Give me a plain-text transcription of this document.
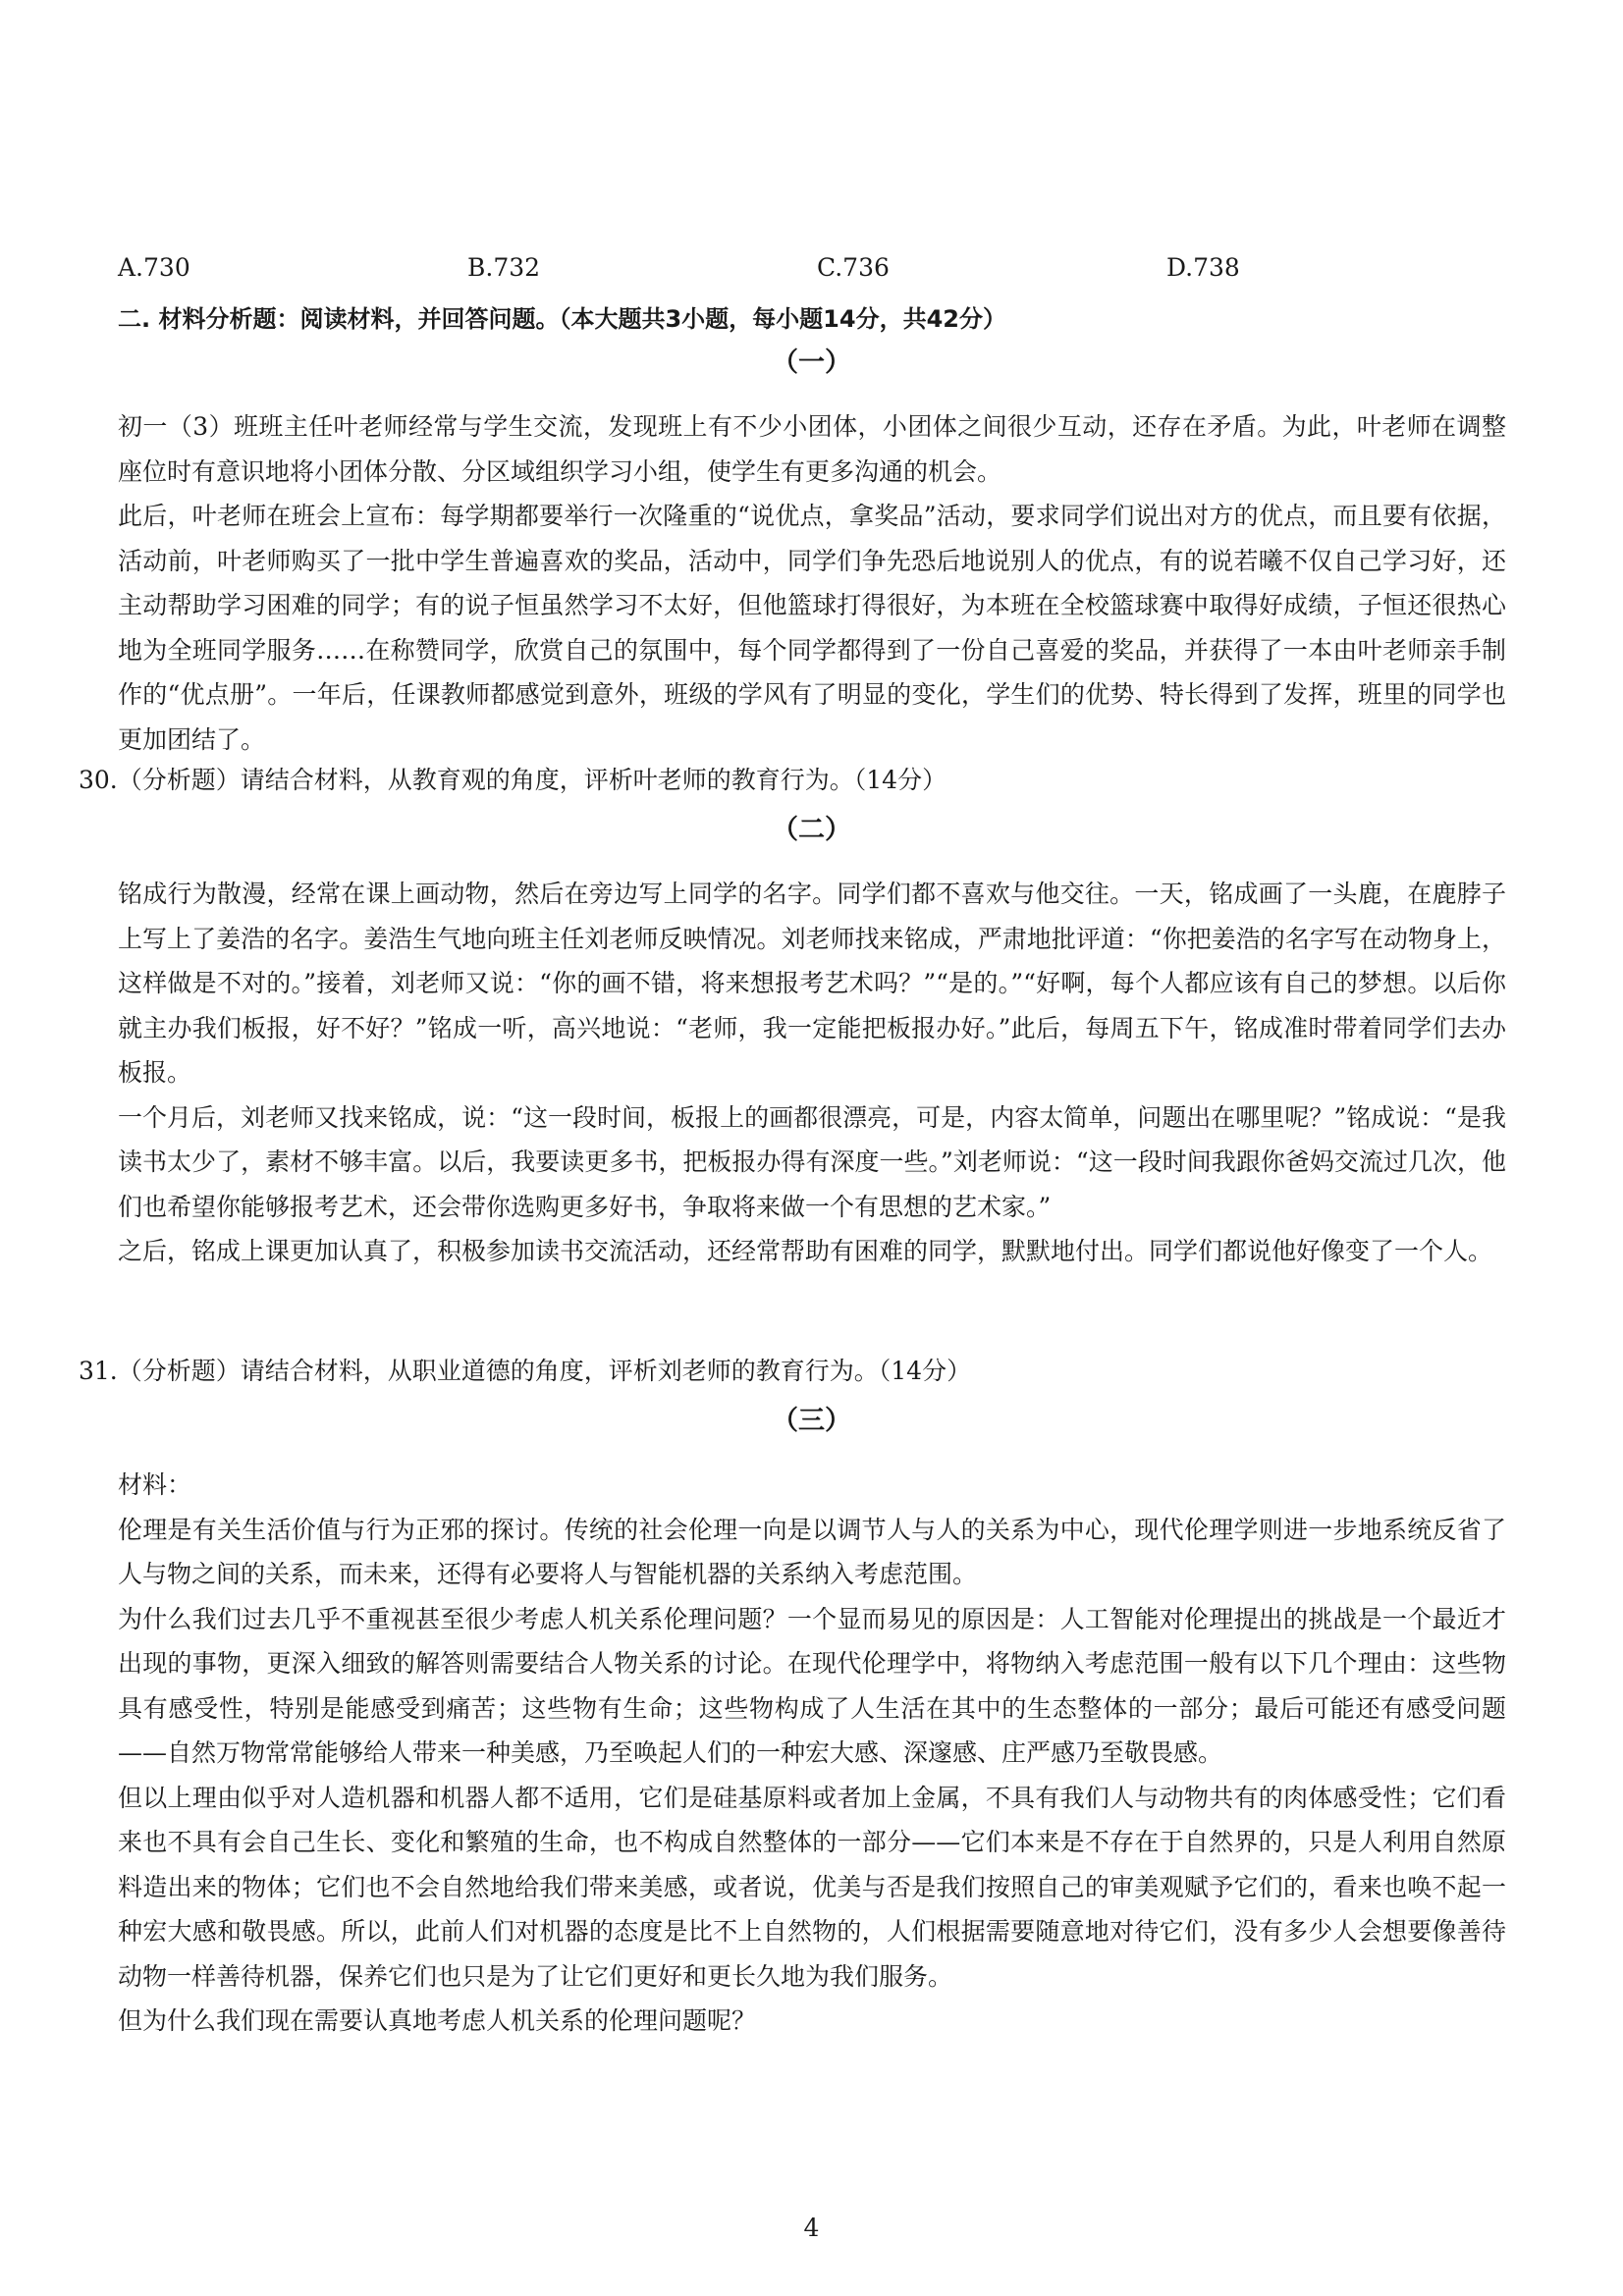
A.730	B.732	C.736	D.738
二. 材料分析题：阅读材料，并回答问题。（本大题共3小题，每小题14分，共42分）
（一）

初一（3）班班主任叶老师经常与学生交流，发现班上有不少小团体，小团体之间很少互动，还存在矛盾。为此，叶老师在调整座位时有意识地将小团体分散、分区域组织学习小组，使学生有更多沟通的机会。

此后，叶老师在班会上宣布：每学期都要举行一次隆重的“说优点，拿奖品”活动，要求同学们说出对方的优点，而且要有依据，活动前，叶老师购买了一批中学生普遍喜欢的奖品，活动中，同学们争先恐后地说别人的优点，有的说若曦不仅自己学习好，还主动帮助学习困难的同学；有的说子恒虽然学习不太好，但他篮球打得很好，为本班在全校篮球赛中取得好成绩，子恒还很热心地为全班同学服务……在称赞同学，欣赏自己的氛围中，每个同学都得到了一份自己喜爱的奖品，并获得了一本由叶老师亲手制作的“优点册”。一年后，任课教师都感觉到意外，班级的学风有了明显的变化，学生们的优势、特长得到了发挥，班里的同学也更加团结了。

30.（分析题）请结合材料，从教育观的角度，评析叶老师的教育行为。（14分）
（二）

铭成行为散漫，经常在课上画动物，然后在旁边写上同学的名字。同学们都不喜欢与他交往。一天，铭成画了一头鹿，在鹿脖子上写上了姜浩的名字。姜浩生气地向班主任刘老师反映情况。刘老师找来铭成，严肃地批评道：“你把姜浩的名字写在动物身上，这样做是不对的。”接着，刘老师又说：“你的画不错，将来想报考艺术吗？”“是的。”“好啊，每个人都应该有自己的梦想。以后你就主办我们板报，好不好？”铭成一听，高兴地说：“老师，我一定能把板报办好。”此后，每周五下午，铭成准时带着同学们去办板报。

一个月后，刘老师又找来铭成，说：“这一段时间，板报上的画都很漂亮，可是，内容太简单，问题出在哪里呢？”铭成说：“是我读书太少了，素材不够丰富。以后，我要读更多书，把板报办得有深度一些。”刘老师说：“这一段时间我跟你爸妈交流过几次，他们也希望你能够报考艺术，还会带你选购更多好书，争取将来做一个有思想的艺术家。”

之后，铭成上课更加认真了，积极参加读书交流活动，还经常帮助有困难的同学，默默地付出。同学们都说他好像变了一个人。

31.（分析题）请结合材料，从职业道德的角度，评析刘老师的教育行为。（14分）
（三）

材料：

伦理是有关生活价值与行为正邪的探讨。传统的社会伦理一向是以调节人与人的关系为中心，现代伦理学则进一步地系统反省了人与物之间的关系，而未来，还得有必要将人与智能机器的关系纳入考虑范围。

为什么我们过去几乎不重视甚至很少考虑人机关系伦理问题？一个显而易见的原因是：人工智能对伦理提出的挑战是一个最近才出现的事物，更深入细致的解答则需要结合人物关系的讨论。在现代伦理学中，将物纳入考虑范围一般有以下几个理由：这些物具有感受性，特别是能感受到痛苦；这些物有生命；这些物构成了人生活在其中的生态整体的一部分；最后可能还有感受问题——自然万物常常能够给人带来一种美感，乃至唤起人们的一种宏大感、深邃感、庄严感乃至敬畏感。

但以上理由似乎对人造机器和机器人都不适用，它们是硅基原料或者加上金属，不具有我们人与动物共有的肉体感受性；它们看来也不具有会自己生长、变化和繁殖的生命，也不构成自然整体的一部分——它们本来是不存在于自然界的，只是人利用自然原料造出来的物体；它们也不会自然地给我们带来美感，或者说，优美与否是我们按照自己的审美观赋予它们的，看来也唤不起一种宏大感和敬畏感。所以，此前人们对机器的态度是比不上自然物的，人们根据需要随意地对待它们，没有多少人会想要像善待动物一样善待机器，保养它们也只是为了让它们更好和更长久地为我们服务。

但为什么我们现在需要认真地考虑人机关系的伦理问题呢？

4
